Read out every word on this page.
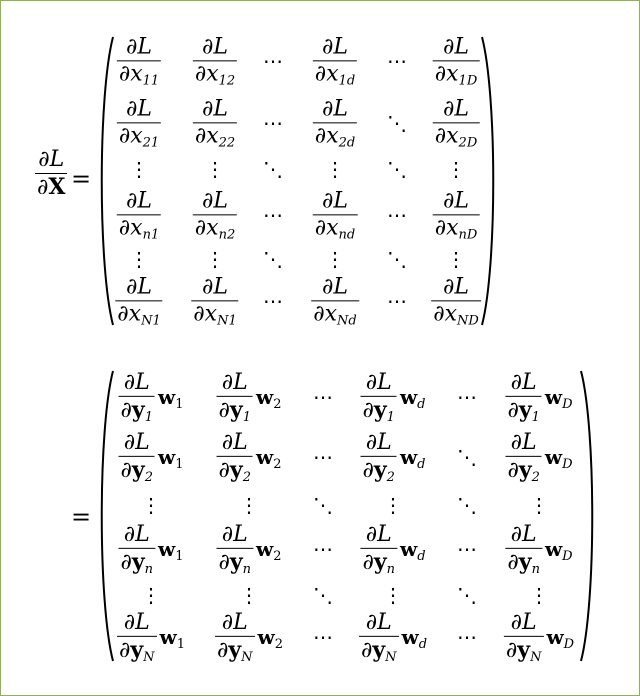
$\frac{\partial L}{\partial X}$ =
$\frac{\partial L}{\partial x_{11}} \frac{\partial L}{\partial x_{12}}$ ⋯ $\frac{\partial L}{\partial x_{1d}}$ ⋯ $\frac{\partial L}{\partial x_{1D}}$
$\frac{\partial L}{\partial x_{21}} \frac{\partial L}{\partial x_{22}}$ ⋯ $\frac{\partial L}{\partial x_{2d}}$ ⋱ $\frac{\partial L}{\partial x_{2D}}$
⋮	⋮ ⋱ ⋮ ⋱ ⋮
$\frac{\partial L}{\partial x_{n1}} \frac{\partial L}{\partial x_{n2}}$ ⋯ $\frac{\partial L}{\partial x_{nd}}$ ⋯ $\frac{\partial L}{\partial x_{nD}}$
⋮	⋮ ⋱ ⋮ ⋱ ⋮
$\frac{\partial L}{\partial x_{N1}} \frac{\partial L}{\partial x_{N1}}$ ⋯ $\frac{\partial L}{\partial x_{Nd}}$ ⋯ $\frac{\partial L}{\partial x_{ND}}$
=
$\frac{\partial L}{\partial y_1} w_1 \frac{\partial L}{\partial y_1} w_2$ ⋯ $\frac{\partial L}{\partial y_1} w_d$ ⋯ $\frac{\partial L}{\partial y_1} w_D$
$\frac{\partial L}{\partial y_2} w_1 \frac{\partial L}{\partial y_2} w_2$ ⋯ $\frac{\partial L}{\partial y_2} w_d$ ⋱ $\frac{\partial L}{\partial y_2} w_D$
⋮	⋮	⋱	⋮	⋱	⋮
$\frac{\partial L}{\partial y_n} w_1 \frac{\partial L}{\partial y_n} w_2$ ⋯ $\frac{\partial L}{\partial y_n} w_d$ ⋯ $\frac{\partial L}{\partial y_n} w_D$
⋮	⋮	⋱	⋮	⋱	⋮
$\frac{\partial L}{\partial y_N} w_1 \frac{\partial L}{\partial y_N} w_2$ ⋯ $\frac{\partial L}{\partial y_N} w_d$ ⋯ $\frac{\partial L}{\partial y_N} w_D$
